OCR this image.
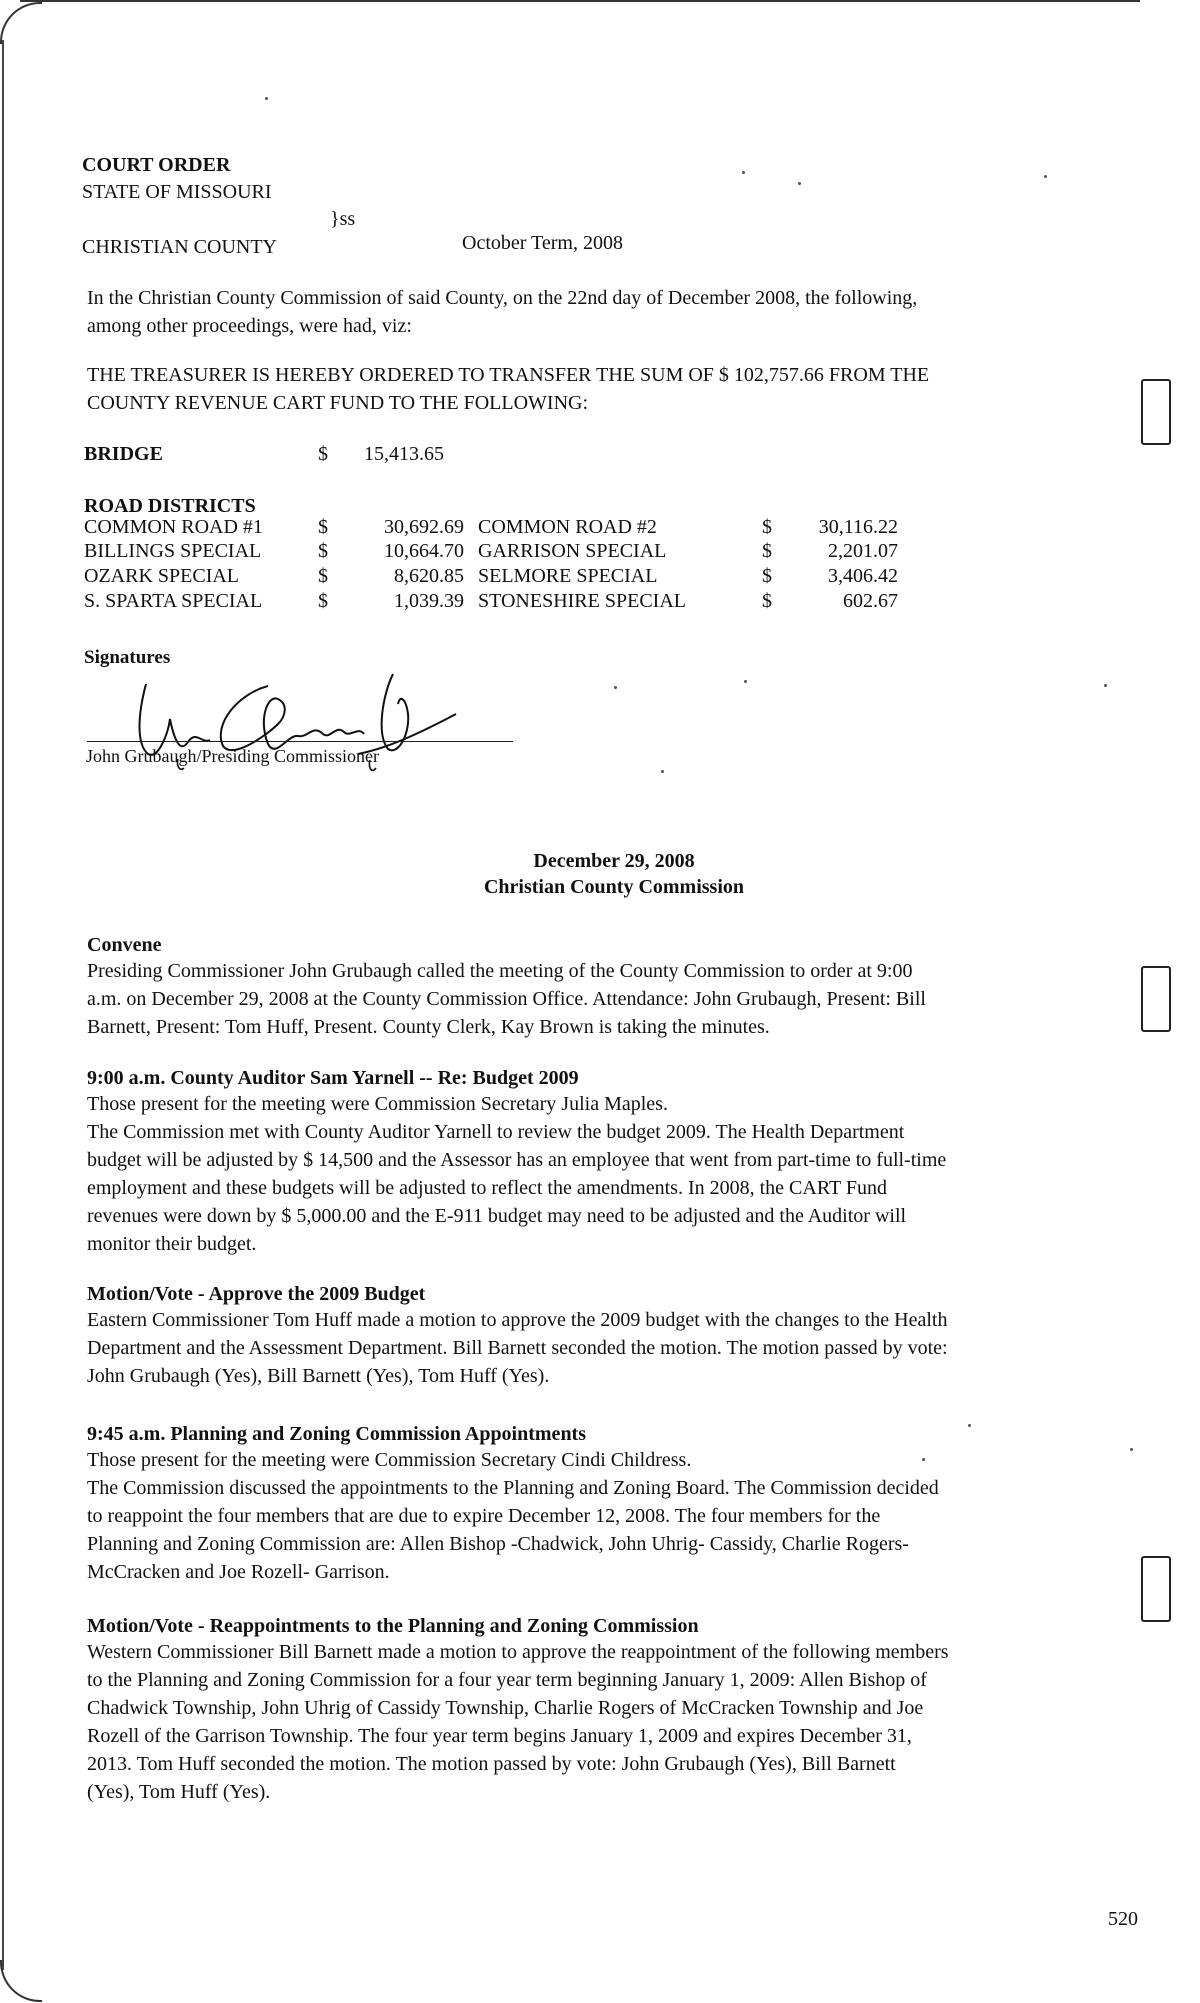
COURT ORDER
STATE OF MISSOURI
}ss
CHRISTIAN COUNTY	October Term, 2008
In the Christian County Commission of said County, on the 22nd day of December 2008, the following,
among other proceedings, were had, viz:
THE TREASURER IS HEREBY ORDERED TO TRANSFER THE SUM OF $ 102,757.66 FROM THE
COUNTY REVENUE CART FUND TO THE FOLLOWING:
BRIDGE	$ 15,413.65
ROAD DISTRICTS
COMMON ROAD #1	$	30,692.69 COMMON ROAD #2	$	30,116.22
BILLINGS SPECIAL	$	10,664.70 GARRISON SPECIAL	$	2,201.07
OZARK SPECIAL	$	8,620.85 SELMORE SPECIAL	$	3,406.42
S. SPARTA SPECIAL	$	1,039.39 STONESHIRE SPECIAL	$	602.67
Signatures
John Grubaugh/Presiding Commissioner
December 29, 2008
Christian County Commission
Convene
Presiding Commissioner John Grubaugh called the meeting of the County Commission to order at 9:00
a.m. on December 29, 2008 at the County Commission Office. Attendance: John Grubaugh, Present: Bill
Barnett, Present: Tom Huff, Present. County Clerk, Kay Brown is taking the minutes.
9:00 a.m. County Auditor Sam Yarnell -- Re: Budget 2009
Those present for the meeting were Commission Secretary Julia Maples.
The Commission met with County Auditor Yarnell to review the budget 2009. The Health Department
budget will be adjusted by $ 14,500 and the Assessor has an employee that went from part-time to full-time
employment and these budgets will be adjusted to reflect the amendments. In 2008, the CART Fund
revenues were down by $ 5,000.00 and the E-911 budget may need to be adjusted and the Auditor will
monitor their budget.
Motion/Vote - Approve the 2009 Budget
Eastern Commissioner Tom Huff made a motion to approve the 2009 budget with the changes to the Health
Department and the Assessment Department. Bill Barnett seconded the motion. The motion passed by vote:
John Grubaugh (Yes), Bill Barnett (Yes), Tom Huff (Yes).
9:45 a.m. Planning and Zoning Commission Appointments
Those present for the meeting were Commission Secretary Cindi Childress.
The Commission discussed the appointments to the Planning and Zoning Board. The Commission decided
to reappoint the four members that are due to expire December 12, 2008. The four members for the
Planning and Zoning Commission are: Allen Bishop -Chadwick, John Uhrig- Cassidy, Charlie Rogers-
McCracken and Joe Rozell- Garrison.
Motion/Vote - Reappointments to the Planning and Zoning Commission
Western Commissioner Bill Barnett made a motion to approve the reappointment of the following members
to the Planning and Zoning Commission for a four year term beginning January 1, 2009: Allen Bishop of
Chadwick Township, John Uhrig of Cassidy Township, Charlie Rogers of McCracken Township and Joe
Rozell of the Garrison Township. The four year term begins January 1, 2009 and expires December 31,
2013. Tom Huff seconded the motion. The motion passed by vote: John Grubaugh (Yes), Bill Barnett
(Yes), Tom Huff (Yes).
520
